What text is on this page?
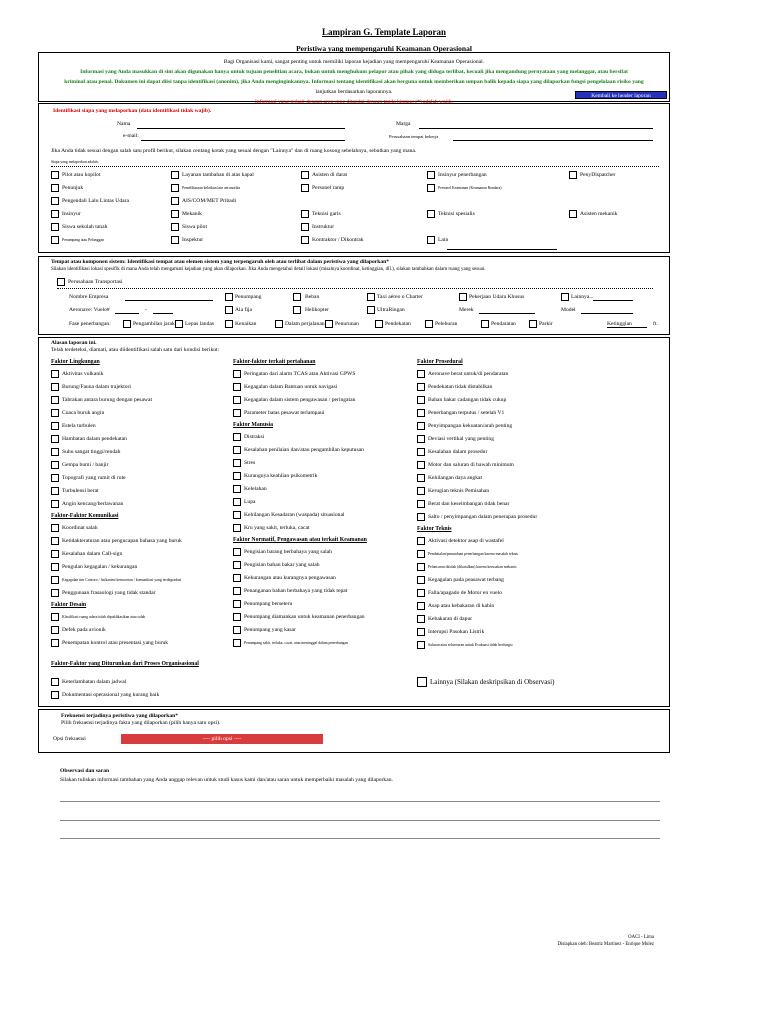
Lampiran G. Template Laporan
Peristiwa yang mempengaruhi Keamanan Operasional
Bagi Organisasi kami, sangat penting untuk memiliki laporan kejadian yang mempengaruhi Keamanan Operasional.
Informasi yang Anda masukkan di sini akan digunakan hanya untuk tujuan penelitian acara, bukan untuk menghukum pelapor atau pihak yang diduga terlibat, kecuali jika mengandung pernyataan yang melanggar, atau bersifat
kriminal atau penal. Dokumen ini dapat diisi tanpa identifikasi (anonim), jika Anda menginginkannya. Informasi tentang identifikasi akan berguna untuk memberikan umpan balik kepada siapa yang dilaporkan fungsi pengelolaan risiko yang
lanjutkan berdasarkan laporannya.
Informasi yang terkait dengan area yang ditandai dengan tanda bintang (*) adalah wajib.
Kembali ke header laporan
Identifikasi siapa yang melaporkan (data identifikasi tidak wajib).
Nama	Marga
e-mail:	Perusahaan tempat bekerja
Jika Anda tidak sesuai dengan salah satu profil berikut, silakan centang kotak yang sesuai dengan "Lainnya" dan di ruang kosong sebelahnya, sebutkan yang mana.
Siapa yang melaporkan adalah:
Pilot atau kopilot	Layanan tambahan di atas kapal	Asisten di darat	Insinyur penerbangan	PenyDispatcher
Penunjuk	Pemeliharaan kelaikan lain aeronotika	Personel ramp	Personel Keamanan (Keamanan Bandara)
Pengendali Lalu Lintas Udara	AIS/COM/MET Pribadi
Insinyur	Mekanik	Teknisi garis	Teknisi spesialis	Asisten mekanik
Siswa sekolah tanah	Siswa pilot	Instruktur
Penumpang atau Pelanggan	Inspektur	Kontraktor / Dikontrak	Lain
Tempat atau komponen sistem: Identifikasi tempat atau elemen sistem yang terpengaruh oleh atau terlibat dalam peristiwa yang dilaporkan*
Silakan identifikasi lokasi spesifik di mana Anda telah mengamati kejadian yang akan dilaporkan. Jika Anda mengetahui detail lokasi (misalnya koordinat, ketinggian, dll.), silakan tambahkan dalam ruang yang sesuai.
Perusahaan Transportasi
Nombre Empresa	Penumpang	Beban	Taxi aéreo o Charter	Pekerjaan Udara Khusus	Lainnya...
Aeronave: Vuelo#	-	Ala fija	Helikopter	UltraRingan	Merek	Model
Fase penerbangan:	Pengambilan jarak Lepas landas	Kenaikan	Dalam perjalanan Penurunan	Pendekatan	Peleburan	Pendaratan	Parkir	Ketinggian	ft.
Alasan laporan ini.
Telah terdeteksi, diamati, atau diidentifikasi salah satu dari kondisi berikut:
Faktor Lingkungan
Aktivitas vulkanik
Burung/Fauna dalam trajektori
Tabrakan antara burung dengan pesawat
Cuaca buruk angin
Estela turbulen
Hambatan dalam pendekatan
Suhu sangat tinggi/rendah
Gempa bumi / banjir
Topografi yang rumit di rute
Turbulensi berat
Angin kencang/berlawanan
Faktor-Faktor Komunikasi
Koordinat salah
Ketidakteraturan atau pengucapan bahasa yang buruk
Kesalahan dalam Call-sign
Pengulan kegagalan / kekurangan
Kegagalan tim Contoro / fisikasimi kemacetan / komunikasi yang terdegradasi
Penggunaan frasaologi yang tidak standar
Faktor Desain
Klasifikasi ruang udara tidak dipublikasikan atau salah
Defek pada avionik
Penempatan kontrol atau presentasi yang buruk
Faktor-faktor terkait pertahanan
Peringatan dari alarm TCAS atau Aktivasi GPWS
Kegagalan dalam Bantuan untuk navigasi
Kegagalan dalam sistem pengawasan / peringatan
Parameter batas pesawat terlampaui
Faktor Manusia
Distraksi
Kesalahan penilaian dan/atau pengambilan keputusan
Stres
Kurangnya keahlian psikometrik
Kelelahan
Lupa
Kehilangan Kesadaran (waspada) situasional
Kru yang sakit, terluka, cacat
Faktor Normatif, Pengawasan atau terkait Keamanan
Pengisian barang berbahaya yang salah
Pengisian bahan bakar yang salah
Kekurangan atau kurangnya pengawasan
Penanganan bahan berbahaya yang tidak tepat
Penumpang berseteru
Penumpang diamankan untuk keamanan penerbangan
Penumpang yang kasar
Penumpang sakit, terluka, cacat, atau meninggal dalam penerbangan
Faktor Prosedural
Aeronave berat untuk/di pendaratan
Pendekatan tidak distabilkan
Bahan bakar cadangan tidak cukup
Penerbangan terputus / setelah V1
Penyimpangan kekuatan/arah penting
Deviasi vertikal yang penting
Kesalahan dalam prosedur
Motor dan saluran di bawah minimum
Kehilangan daya angkat
Kerugian teknis Pemisahan
Berat dan keseimbangan tidak benar
Salto / penyimpangan dalam penerapan prosedur
Faktor Teknis
Aktivasi detektor asap di wastafel
Pembatalan/penundaan penerbangan karena masalah teknis
Pelancaran ditolak (dibatalkan) karena kerusakan mekanis
Kegagalan pada peasawat terbang
Falla/apagado de Motor en vuelo
Asap atau kebakaran di kabin
Kebakaran di dapur
Interupsi Pasokan Listrik
Saluran atau seluncuran untuk Evakuasi tidak berfungsi
Faktor-Faktor yang Diturunkan dari Proses Organisasional
Keterlambatan dalam jadwal
Dokumentasi operasional yang kurang baik
Lainnya (Silakan deskripsikan di Observasi)
Frekuensi terjadinya peristiwa yang dilaporkan*
Pilih frekuensi terjadinya fakta yang dilaporkan (pilih hanya satu opsi).
Opsi frekuensi	---- pilih opsi ----
Observasi dan saran
Silakan tuliskan informasi tambahan yang Anda anggap relevan untuk studi kasus kami dan/atau saran untuk memperbaiki masalah yang dilaporkan.
OACI - Lima
Disiapkan oleh: Beatriz Martinez - Enrique Mulez
